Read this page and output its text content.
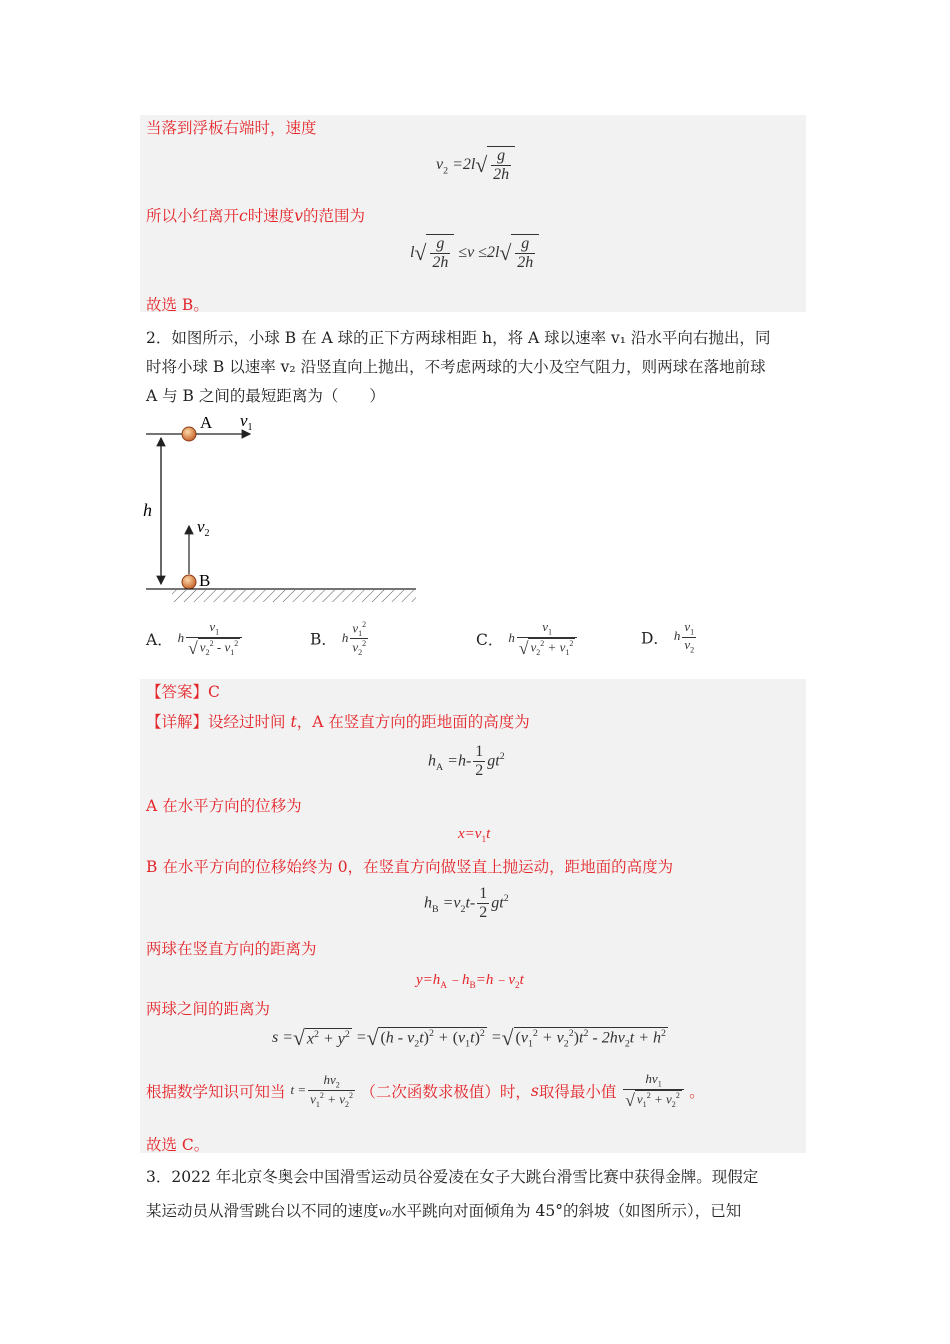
当落到浮板右端时，速度
$v_2 =2l√ \frac{g}{2h}$
所以小红离开c时速度v的范围为
$l√ \frac{g}{2h} \le v \le 2l√ \frac{g}{2h}$
故选 B。
2．如图所示，小球 B 在 A 球的正下方两球相距 h，将 A 球以速率 v₁ 沿水平向右抛出，同
时将小球 B 以速率 v₂ 沿竖直向上抛出，不考虑两球的大小及空气阻力，则两球在落地前球
A 与 B 之间的最短距离为（　　）
h
A $v_1$
$v_2$
B
A． h $\frac{v_1}{√ v_2^2 - v_1^2}$	B． h $\frac{v_1^2}{v_2^2}$	C． h $\frac{v_1}{√ v_2^2 + v_1^2}$	D． h $\frac{v_1}{v_2}$
【答案】C
【详解】设经过时间 t，A 在竖直方向的距地面的高度为
$h_A =h- \frac{1}{2} gt^2$
A 在水平方向的位移为
$x=v_1t$
B 在水平方向的位移始终为 0，在竖直方向做竖直上抛运动，距地面的高度为
$h_B =v_2t- \frac{1}{2} gt^2$
两球在竖直方向的距离为
$y=h_A﹣h_B=h﹣v_2t$
两球之间的距离为
s =√ $x^2 + y^2$ =√ $(h - v_2t)^2 + (v_1t)^2$ =√ $(v_1^2 + v_2^2)t^2 - 2hv_2t + h^2$
根据数学知识可知当 $t = \frac{hv_2}{v_1^2 + v_2^2}$ （二次函数求极值）时，s取得最小值 $\frac{hv_1}{√ v_1^2 + v_2^2}$ 。
故选 C。
3．2022 年北京冬奥会中国滑雪运动员谷爱凌在女子大跳台滑雪比赛中获得金牌。现假定
某运动员从滑雪跳台以不同的速度v₀水平跳向对面倾角为 45°的斜坡（如图所示），已知
